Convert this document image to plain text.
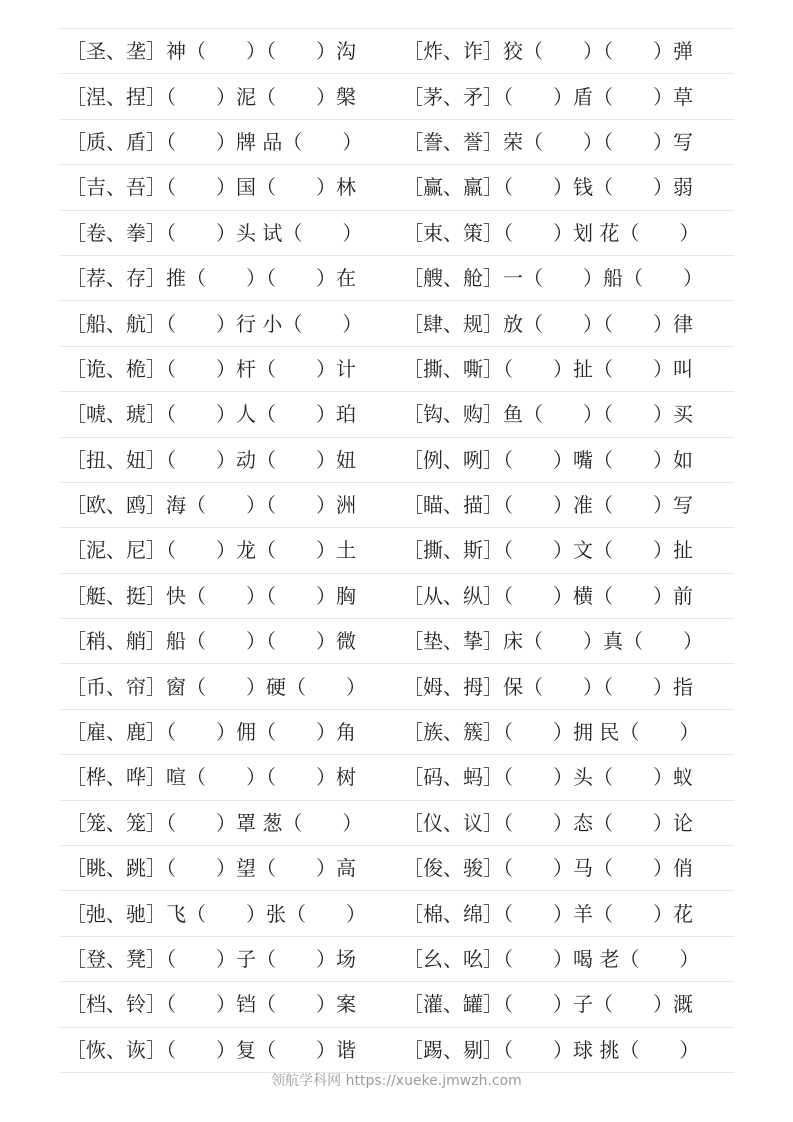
［圣、垄］神（　　）（　　）沟	［炸、诈］狡（　　）（　　）弹
［涅、捏］（　　）泥（　　）槃	［茅、矛］（　　）盾（　　）草
［质、盾］（　　）牌 品（　　）	［誊、誉］荣（　　）（　　）写
［吉、吾］（　　）国（　　）林	［赢、羸］（　　）钱（　　）弱
［卷、拳］（　　）头 试（　　）	［束、策］（　　）划 花（　　）
［荐、存］推（　　）（　　）在	［艘、舱］一（　　）船（　　）
［船、航］（　　）行 小（　　）	［肆、规］放（　　）（　　）律
［诡、桅］（　　）杆（　　）计	［撕、嘶］（　　）扯（　　）叫
［唬、琥］（　　）人（　　）珀	［钩、购］鱼（　　）（　　）买
［扭、妞］（　　）动（　　）妞	［例、咧］（　　）嘴（　　）如
［欧、鸥］海（　　）（　　）洲	［瞄、描］（　　）准（　　）写
［泥、尼］（　　）龙（　　）土	［撕、斯］（　　）文（　　）扯
［艇、挺］快（　　）（　　）胸	［从、纵］（　　）横（　　）前
［稍、艄］船（　　）（　　）微	［垫、挚］床（　　）真（　　）
［币、帘］窗（　　）硬（　　）	［姆、拇］保（　　）（　　）指
［雇、鹿］（　　）佣（　　）角	［族、簇］（　　）拥 民（　　）
［桦、哗］喧（　　）（　　）树	［码、蚂］（　　）头（　　）蚁
［笼、笼］（　　）罩 葱（　　）	［仪、议］（　　）态（　　）论
［眺、跳］（　　）望（　　）高	［俊、骏］（　　）马（　　）俏
［弛、驰］飞（　　）张（　　）	［棉、绵］（　　）羊（　　）花
［登、凳］（　　）子（　　）场	［幺、吆］（　　）喝 老（　　）
［档、铃］（　　）铛（　　）案	［灌、罐］（　　）子（　　）溉
［恢、诙］（　　）复（　　）谐	［踢、剔］（　　）球 挑（　　）
领航学科网 https://xueke.jmwzh.com
